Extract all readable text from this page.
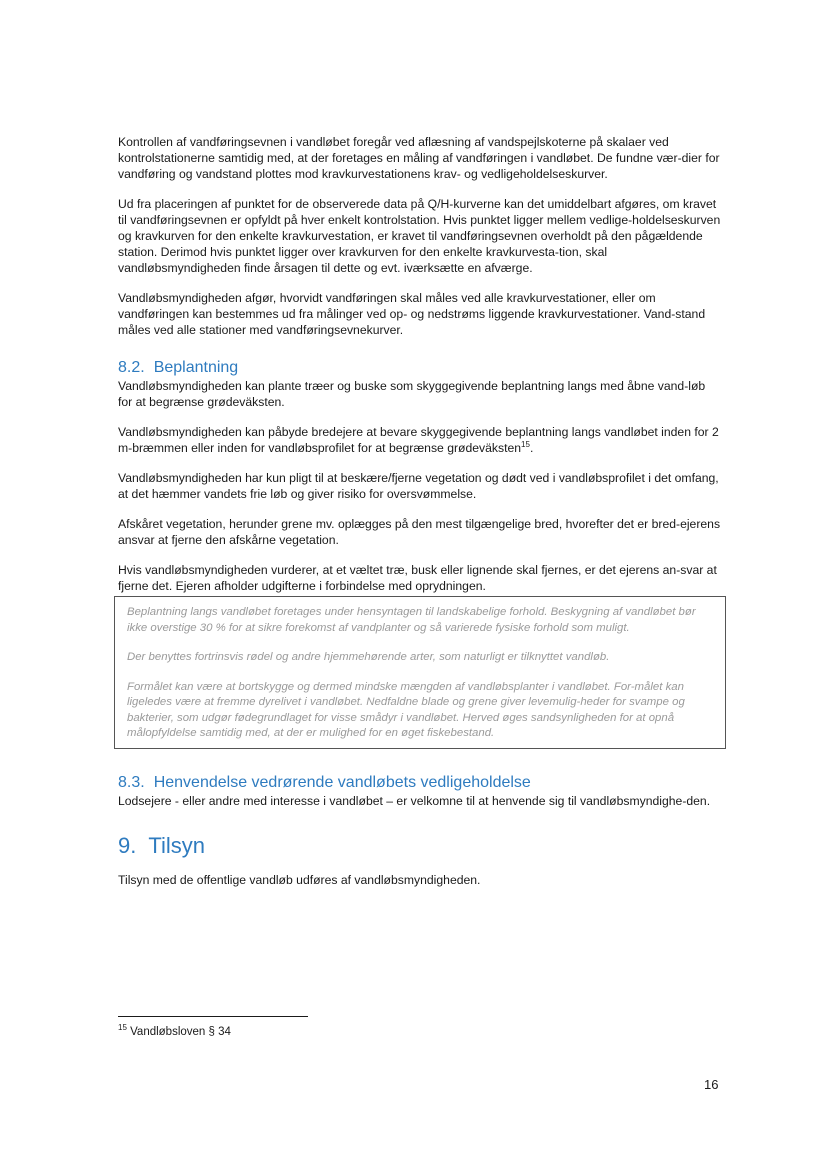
Kontrollen af vandføringsevnen i vandløbet foregår ved aflæsning af vandspejlskoterne på skalaer ved kontrolstationerne samtidig med, at der foretages en måling af vandføringen i vandløbet. De fundne vær-dier for vandføring og vandstand plottes mod kravkurvestationens krav- og vedligeholdelseskurver.

Ud fra placeringen af punktet for de observerede data på Q/H-kurverne kan det umiddelbart afgøres, om kravet til vandføringsevnen er opfyldt på hver enkelt kontrolstation. Hvis punktet ligger mellem vedlige-holdelseskurven og kravkurven for den enkelte kravkurvestation, er kravet til vandføringsevnen overholdt på den pågældende station. Derimod hvis punktet ligger over kravkurven for den enkelte kravkurvesta-tion, skal vandløbsmyndigheden finde årsagen til dette og evt. iværksætte en afværge.

Vandløbsmyndigheden afgør, hvorvidt vandføringen skal måles ved alle kravkurvestationer, eller om vandføringen kan bestemmes ud fra målinger ved op- og nedstrøms liggende kravkurvestationer. Vand-stand måles ved alle stationer med vandføringsevnekurver.

8.2. Beplantning

Vandløbsmyndigheden kan plante træer og buske som skyggegivende beplantning langs med åbne vand-løb for at begrænse grødeväksten.

Vandløbsmyndigheden kan påbyde bredejere at bevare skyggegivende beplantning langs vandløbet inden for 2 m-bræmmen eller inden for vandløbsprofilet for at begrænse grødeväksten$^{15}$.

Vandløbsmyndigheden har kun pligt til at beskære/fjerne vegetation og dødt ved i vandløbsprofilet i det omfang, at det hæmmer vandets frie løb og giver risiko for oversvømmelse.

Afskåret vegetation, herunder grene mv. oplægges på den mest tilgængelige bred, hvorefter det er bred-ejerens ansvar at fjerne den afskårne vegetation.

Hvis vandløbsmyndigheden vurderer, at et væltet træ, busk eller lignende skal fjernes, er det ejerens an-svar at fjerne det. Ejeren afholder udgifterne i forbindelse med oprydningen.

Beplantning langs vandløbet foretages under hensyntagen til landskabelige forhold. Beskygning af vandløbet bør ikke overstige 30 % for at sikre forekomst af vandplanter og så varierede fysiske forhold som muligt.

Der benyttes fortrinsvis rødel og andre hjemmehørende arter, som naturligt er tilknyttet vandløb.

Formålet kan være at bortskygge og dermed mindske mængden af vandløbsplanter i vandløbet. For-målet kan ligeledes være at fremme dyrelivet i vandløbet. Nedfaldne blade og grene giver levemulig-heder for svampe og bakterier, som udgør fødegrundlaget for visse smådyr i vandløbet. Herved øges sandsynligheden for at opnå målopfyldelse samtidig med, at der er mulighed for en øget fiskebestand.

8.3. Henvendelse vedrørende vandløbets vedligeholdelse

Lodsejere - eller andre med interesse i vandløbet – er velkomne til at henvende sig til vandløbsmyndighe-den.

9. Tilsyn

Tilsyn med de offentlige vandløb udføres af vandløbsmyndigheden.

$^{15}$ Vandløbsloven § 34
16
